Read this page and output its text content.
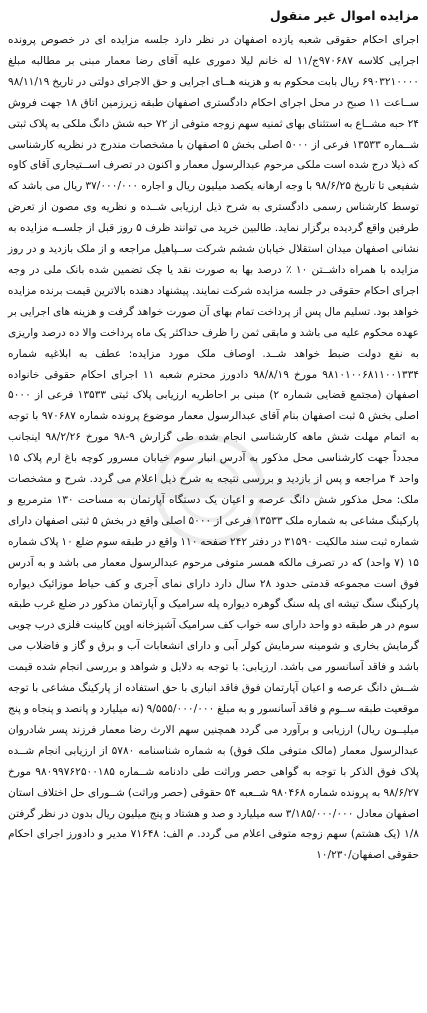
مزایده اموال غیر منقول

اجرای احکام حقوقی شعبه یازده اصفهان در نظر دارد جلسه مزایده ای در خصوص پرونده اجرایی کلاسه ۹۷۰۶۸۷ج/۱۱ له خانم لیلا دموری علیه آقای رضا معمار مبنی بر مطالبه مبلغ ۶۹۰۳۲۱۰۰۰۰ ریال بابت محکوم به و هزینه هــای اجرایی و حق الاجرای دولتی در تاریخ ۹۸/۱۱/۱۹ ســاعت ۱۱ صبح در محل اجرای احکام دادگستری اصفهان طبقه زیرزمین اتاق ۱۸ جهت فروش ۲۴ حبه مشــاع به استثنای بهای ثمنیه سهم زوجه متوفی از ۷۲ حبه شش دانگ ملکی به پلاک ثبتی شــماره ۱۳۵۳۳ فرعی از ۵۰۰۰ اصلی بخش ۵ اصفهان با مشخصات مندرج در نظریه کارشناسی که ذیلا درج شده است ملکی مرحوم عبدالرسول معمار و اکنون در تصرف اســتیجاری آقای کاوه شفیعی تا تاریخ ۹۸/۶/۲۵ با وجه ارهانه یکصد میلیون ریال و اجاره ۳۷/۰۰۰/۰۰۰ ریال می باشد که توسط کارشناس رسمی دادگستری به شرح ذیل ارزیابی شــده و نظریه وی مصون از تعرض طرفین واقع گردیده برگزار نماید. طالبین خرید می توانند ظرف ۵ روز قبل از جلســه مزایده به نشانی اصفهان میدان استقلال خیابان ششم شرکت ســپاهیل مراجعه و از ملک بازدید و در روز مزایده با همراه داشــتن ۱۰ ٪ درصد بها به صورت نقد یا چک تضمین شده بانک ملی در وجه اجرای احکام حقوقی در جلسه مزایده شرکت نمایند. پیشنهاد دهنده بالاترین قیمت برنده مزایده خواهد بود. تسلیم مال پس از پرداخت تمام بهای آن صورت خواهد گرفت و هزینه های اجرایی بر عهده محکوم علیه می باشد و مابقی ثمن را ظرف حداکثر یک ماه پرداخت والا ده درصد واریزی به نفع دولت ضبط خواهد شــد. اوصاف ملک مورد مزایده: عطف به ابلاغیه شماره ۹۸۱۰۱۰۰۶۸۱۱۰۰۱۳۳۴ مورخ ۹۸/۸/۱۹ دادورز محترم شعبه ۱۱ اجرای احکام حقوقی خانواده اصفهان (مجتمع قضایی شماره ۲) مبنی بر احاطریه ارزیابی پلاک ثبتی ۱۳۵۳۳ فرعی از ۵۰۰۰ اصلی بخش ۵ ثبت اصفهان بنام آقای عبدالرسول معمار موضوع پرونده شماره ۹۷۰۶۸۷ با توجه به اتمام مهلت شش ماهه کارشناسی انجام شده طی گزارش ۹-۹۸ مورخ ۹۸/۲/۲۶ اینجانب مجدداً جهت کارشناسی محل مذکور به آدرس انبار سوم خیابان مسرور کوچه باغ ارم پلاک ۱۵ واحد ۴ مراجعه و پس از بازدید و بررسی نتیجه به شرح ذیل اعلام می گردد. شرح و مشخصات ملک: محل مذکور شش دانگ عرصه و اعیان یک دستگاه آپارتمان به مساحت ۱۳۰ مترمربع و پارکینگ مشاعی به شماره ملک ۱۳۵۳۳ فرعی از ۵۰۰۰ اصلی واقع در بخش ۵ ثبتی اصفهان دارای شماره ثبت سند مالکیت ۳۱۵۹۰ در دفتر ۲۴۲ صفحه ۱۱۰ واقع در طبقه سوم ضلع ۱۰ پلاک شماره ۱۵ (۷ واحد) که در تصرف مالکه همسر متوفی مرحوم عبدالرسول معمار می باشد و به آدرس فوق است مجموعه قدمتی حدود ۲۸ سال دارد دارای نمای آجری و کف حیاط موزائیک دیواره پارکینگ سنگ تیشه ای پله سنگ گوهره دیواره پله سرامیک و آپارتمان مذکور در ضلع غرب طبقه سوم در هر طبقه دو واحد دارای سه خواب کف سرامیک آشپزخانه اوپن کابینت فلزی درب چوبی گرمایش بخاری و شومینه سرمایش کولر آبی و دارای انشعابات آب و برق و گاز و فاضلاب می باشد و فاقد آسانسور می باشد. ارزیابی: با توجه به دلایل و شواهد و بررسی انجام شده قیمت شــش دانگ عرصه و اعیان آپارتمان فوق فاقد انباری با حق استفاده از پارکینگ مشاعی با توجه موقعیت طبقه ســوم و فاقد آسانسور و به مبلغ ۹/۵۵۵/۰۰۰/۰۰۰ (نه میلیارد و پانصد و پنجاه و پنج میلیــون ریال) ارزیابی و برآورد می گردد همچنین سهم الارث رضا معمار فرزند پسر شادروان عبدالرسول معمار (مالک متوفی ملک فوق) به شماره شناسنامه ۵۷۸۰ از ارزیابی انجام شــده پلاک فوق الذکر با توجه به گواهی حصر وراثت طی دادنامه شــماره ۹۸۰۹۹۷۶۲۵۰۰۱۸۵ مورخ ۹۸/۶/۲۷ به پرونده شماره ۹۸۰۴۶۸ شــعبه ۵۴ حقوقی (حصر وراثت) شــورای حل اختلاف استان اصفهان معادل ۳/۱۸۵/۰۰۰/۰۰۰ سه میلیارد و صد و هشتاد و پنج میلیون ریال بدون در نظر گرفتن ۱/۸ (یک هشتم) سهم زوجه متوفی اعلام می گردد. م الف: ۷۱۶۴۸ مدیر و دادورز اجرای احکام حقوقی اصفهان/۱۰/۲۳۰
